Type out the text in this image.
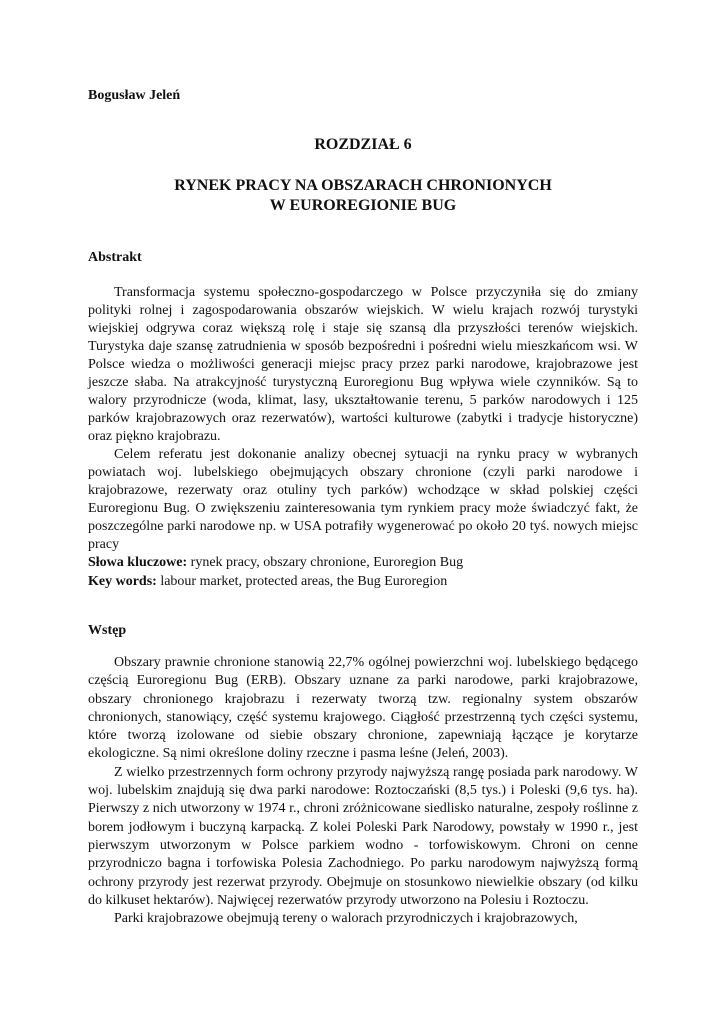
Bogusław Jeleń
ROZDZIAŁ 6
RYNEK PRACY NA OBSZARACH CHRONIONYCH
W EUROREGIONIE BUG
Abstrakt

Transformacja systemu społeczno-gospodarczego w Polsce przyczyniła się do zmiany polityki rolnej i zagospodarowania obszarów wiejskich. W wielu krajach rozwój turystyki wiejskiej odgrywa coraz większą rolę i staje się szansą dla przyszłości terenów wiejskich. Turystyka daje szansę zatrudnienia w sposób bezpośredni i pośredni wielu mieszkańcom wsi. W Polsce wiedza o możliwości generacji miejsc pracy przez parki narodowe, krajobrazowe jest jeszcze słaba. Na atrakcyjność turystyczną Euroregionu Bug wpływa wiele czynników. Są to walory przyrodnicze (woda, klimat, lasy, ukształtowanie terenu, 5 parków narodowych i 125 parków krajobrazowych oraz rezerwatów), wartości kulturowe (zabytki i tradycje historyczne) oraz piękno krajobrazu.

Celem referatu jest dokonanie analizy obecnej sytuacji na rynku pracy w wybranych powiatach woj. lubelskiego obejmujących obszary chronione (czyli parki narodowe i krajobrazowe, rezerwaty oraz otuliny tych parków) wchodzące w skład polskiej części Euroregionu Bug. O zwiększeniu zainteresowania tym rynkiem pracy może świadczyć fakt, że poszczególne parki narodowe np. w USA potrafiły wygenerować po około 20 tyś. nowych miejsc pracy

Słowa kluczowe: rynek pracy, obszary chronione, Euroregion Bug
Key words: labour market, protected areas, the Bug Euroregion
Wstęp

Obszary prawnie chronione stanowią 22,7% ogólnej powierzchni woj. lubelskiego będącego częścią Euroregionu Bug (ERB). Obszary uznane za parki narodowe, parki krajobrazowe, obszary chronionego krajobrazu i rezerwaty tworzą tzw. regionalny system obszarów chronionych, stanowiący, część systemu krajowego. Ciągłość przestrzenną tych części systemu, które tworzą izolowane od siebie obszary chronione, zapewniają łączące je korytarze ekologiczne. Są nimi określone doliny rzeczne i pasma leśne (Jeleń, 2003).

Z wielko przestrzennych form ochrony przyrody najwyższą rangę posiada park narodowy. W woj. lubelskim znajdują się dwa parki narodowe: Roztoczański (8,5 tys.) i Poleski (9,6 tys. ha). Pierwszy z nich utworzony w 1974 r., chroni zróżnicowane siedlisko naturalne, zespoły roślinne z borem jodłowym i buczyną karpacką. Z kolei Poleski Park Narodowy, powstały w 1990 r., jest pierwszym utworzonym w Polsce parkiem wodno - torfowiskowym. Chroni on cenne przyrodniczo bagna i torfowiska Polesia Zachodniego. Po parku narodowym najwyższą formą ochrony przyrody jest rezerwat przyrody. Obejmuje on stosunkowo niewielkie obszary (od kilku do kilkuset hektarów). Najwięcej rezerwatów przyrody utworzono na Polesiu i Roztoczu.

Parki krajobrazowe obejmują tereny o walorach przyrodniczych i krajobrazowych,
